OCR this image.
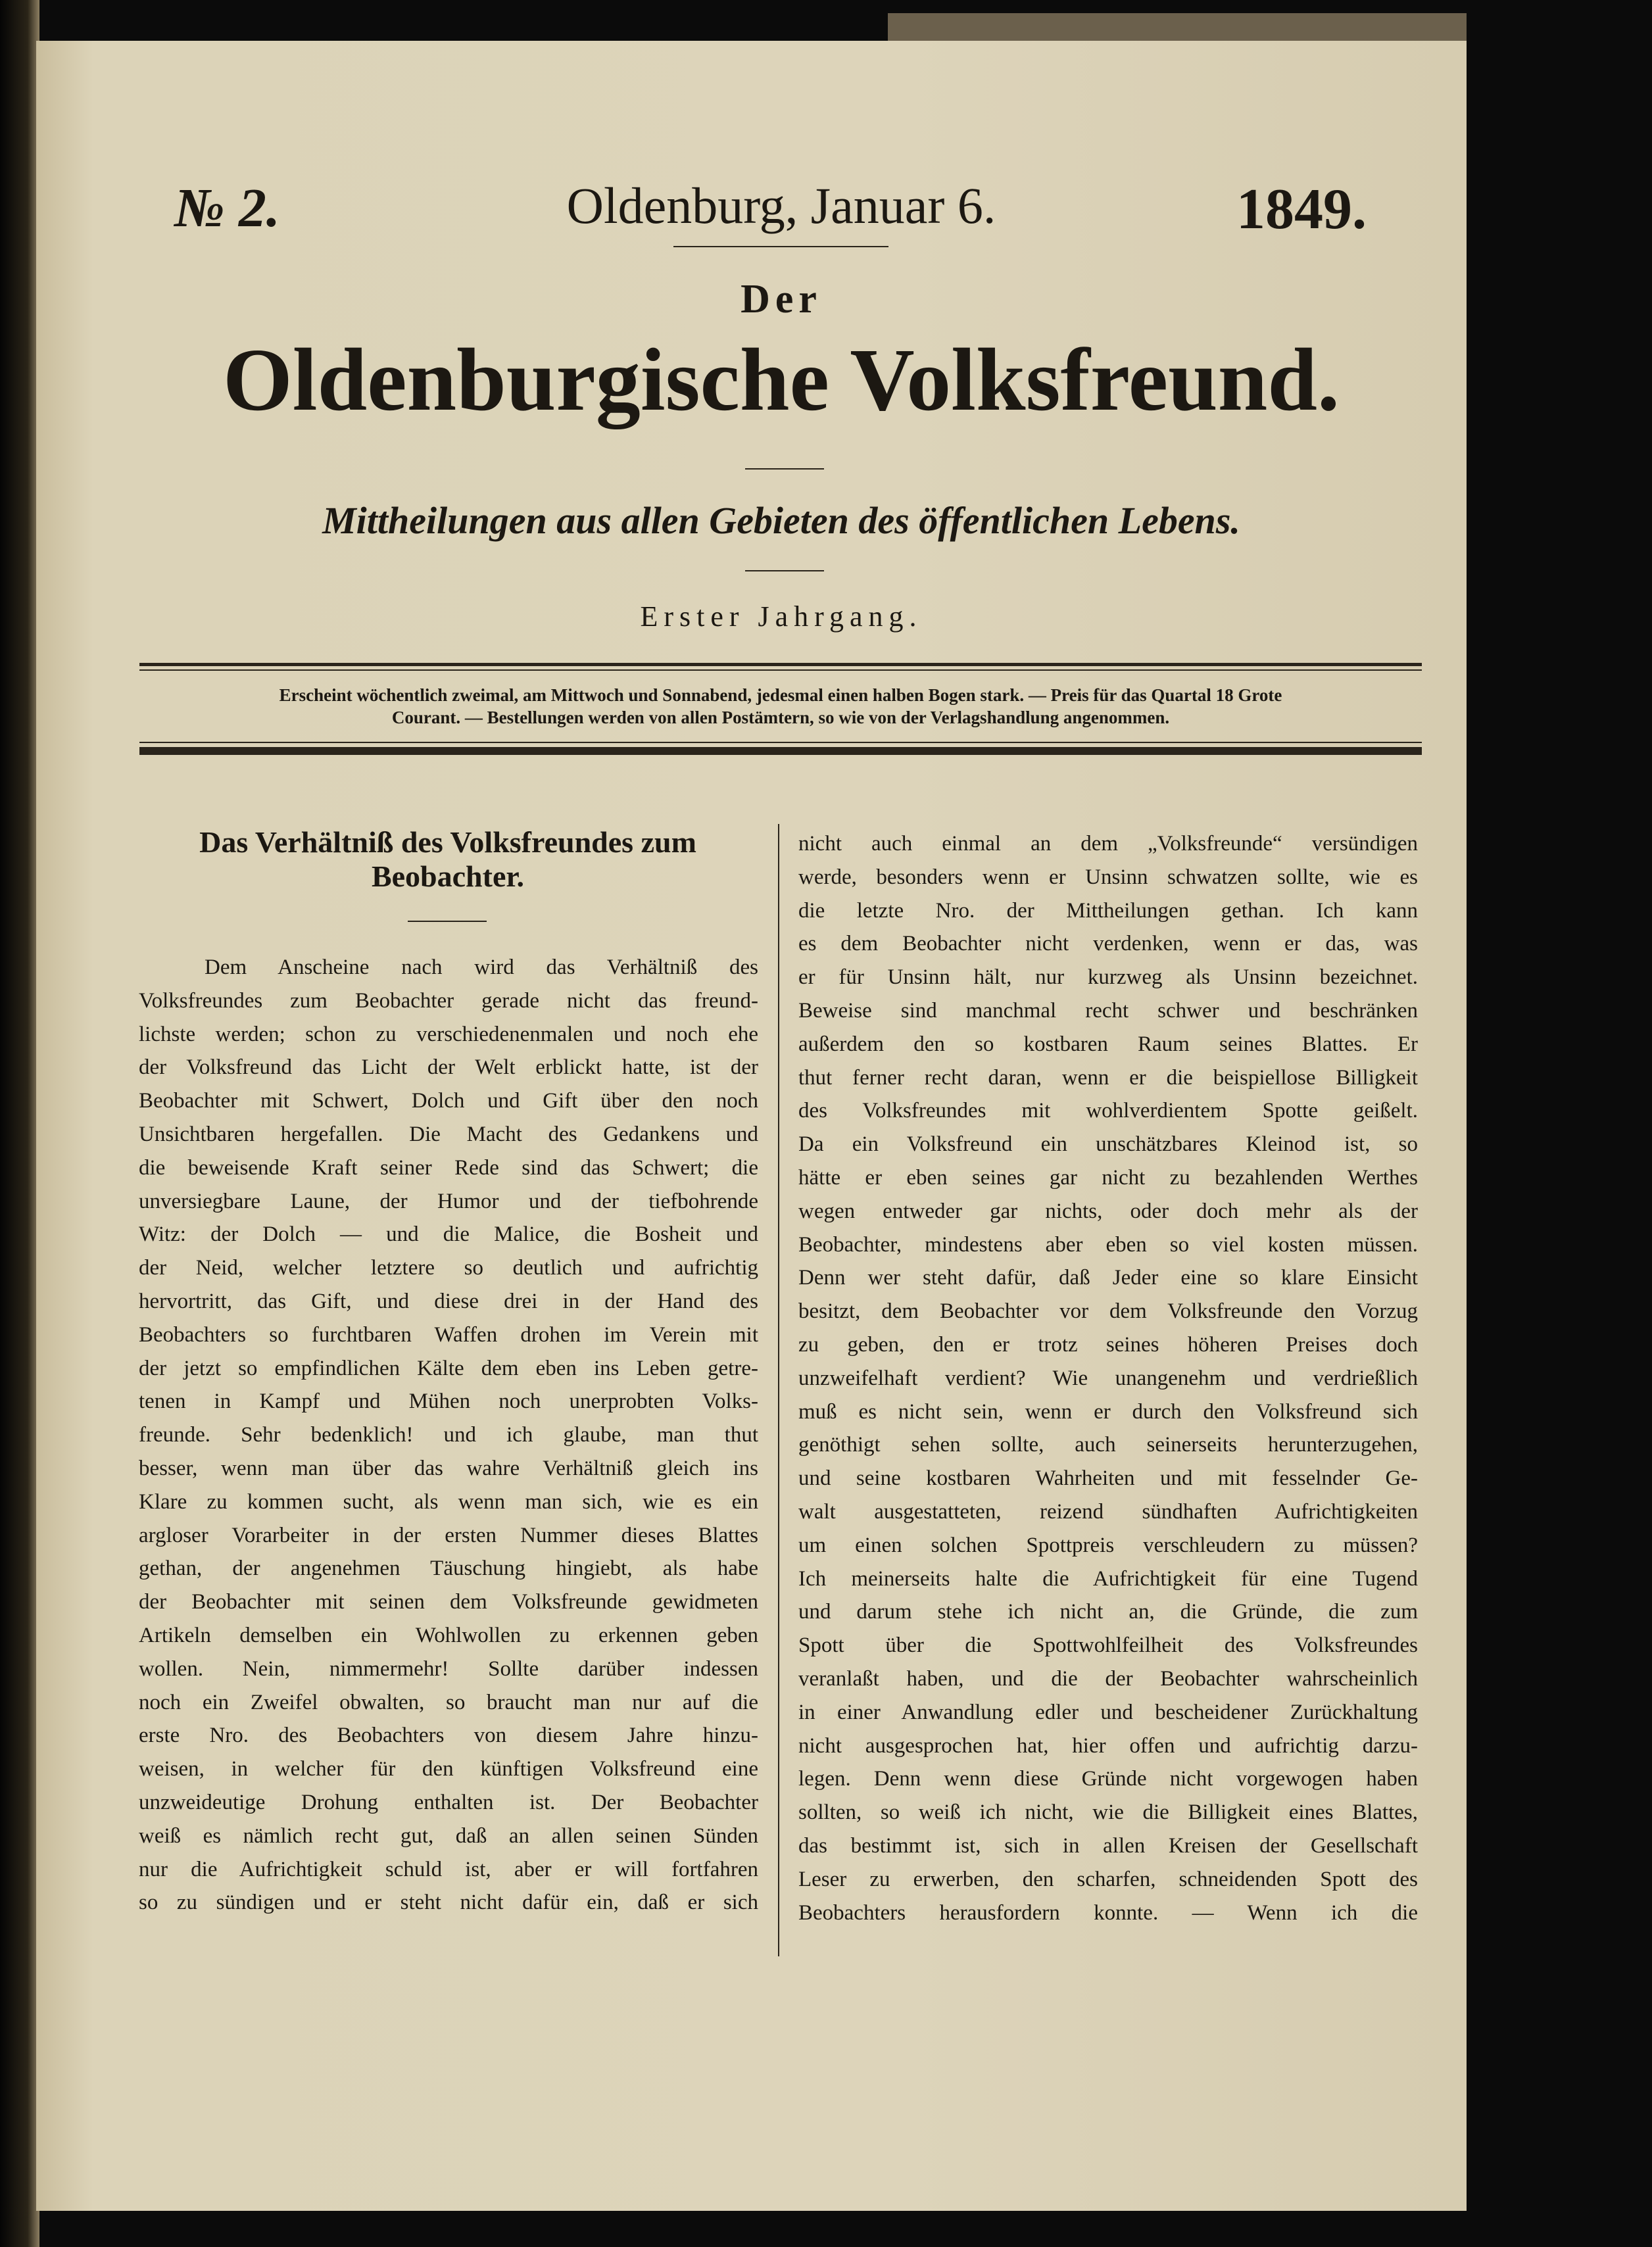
№ 2.	Oldenburg, Januar 6.	1849.
Der
Oldenburgische Volksfreund.
Mittheilungen aus allen Gebieten des öffentlichen Lebens.
Erster Jahrgang.
Erscheint wöchentlich zweimal, am Mittwoch und Sonnabend, jedesmal einen halben Bogen stark. — Preis für das Quartal 18 Grote
Courant. — Bestellungen werden von allen Postämtern, so wie von der Verlagshandlung angenommen.
Das Verhältniß des Volksfreundes zum
Beobachter.
Dem Anscheine nach wird das Verhältniß des
Volksfreundes zum Beobachter gerade nicht das freund-
lichste werden; schon zu verschiedenenmalen und noch ehe
der Volksfreund das Licht der Welt erblickt hatte, ist der
Beobachter mit Schwert, Dolch und Gift über den noch
Unsichtbaren hergefallen. Die Macht des Gedankens und
die beweisende Kraft seiner Rede sind das Schwert; die
unversiegbare Laune, der Humor und der tiefbohrende
Witz: der Dolch — und die Malice, die Bosheit und
der Neid, welcher letztere so deutlich und aufrichtig
hervortritt, das Gift, und diese drei in der Hand des
Beobachters so furchtbaren Waffen drohen im Verein mit
der jetzt so empfindlichen Kälte dem eben ins Leben getre-
tenen in Kampf und Mühen noch unerprobten Volks-
freunde. Sehr bedenklich! und ich glaube, man thut
besser, wenn man über das wahre Verhältniß gleich ins
Klare zu kommen sucht, als wenn man sich, wie es ein
argloser Vorarbeiter in der ersten Nummer dieses Blattes
gethan, der angenehmen Täuschung hingiebt, als habe
der Beobachter mit seinen dem Volksfreunde gewidmeten
Artikeln demselben ein Wohlwollen zu erkennen geben
wollen. Nein, nimmermehr! Sollte darüber indessen
noch ein Zweifel obwalten, so braucht man nur auf die
erste Nro. des Beobachters von diesem Jahre hinzu-
weisen, in welcher für den künftigen Volksfreund eine
unzweideutige Drohung enthalten ist. Der Beobachter
weiß es nämlich recht gut, daß an allen seinen Sünden
nur die Aufrichtigkeit schuld ist, aber er will fortfahren
so zu sündigen und er steht nicht dafür ein, daß er sich
nicht auch einmal an dem „Volksfreunde“ versündigen
werde, besonders wenn er Unsinn schwatzen sollte, wie es
die letzte Nro. der Mittheilungen gethan. Ich kann
es dem Beobachter nicht verdenken, wenn er das, was
er für Unsinn hält, nur kurzweg als Unsinn bezeichnet.
Beweise sind manchmal recht schwer und beschränken
außerdem den so kostbaren Raum seines Blattes. Er
thut ferner recht daran, wenn er die beispiellose Billigkeit
des Volksfreundes mit wohlverdientem Spotte geißelt.
Da ein Volksfreund ein unschätzbares Kleinod ist, so
hätte er eben seines gar nicht zu bezahlenden Werthes
wegen entweder gar nichts, oder doch mehr als der
Beobachter, mindestens aber eben so viel kosten müssen.
Denn wer steht dafür, daß Jeder eine so klare Einsicht
besitzt, dem Beobachter vor dem Volksfreunde den Vorzug
zu geben, den er trotz seines höheren Preises doch
unzweifelhaft verdient? Wie unangenehm und verdrießlich
muß es nicht sein, wenn er durch den Volksfreund sich
genöthigt sehen sollte, auch seinerseits herunterzugehen,
und seine kostbaren Wahrheiten und mit fesselnder Ge-
walt ausgestatteten, reizend sündhaften Aufrichtigkeiten
um einen solchen Spottpreis verschleudern zu müssen?
Ich meinerseits halte die Aufrichtigkeit für eine Tugend
und darum stehe ich nicht an, die Gründe, die zum
Spott über die Spottwohlfeilheit des Volksfreundes
veranlaßt haben, und die der Beobachter wahrscheinlich
in einer Anwandlung edler und bescheidener Zurückhaltung
nicht ausgesprochen hat, hier offen und aufrichtig darzu-
legen. Denn wenn diese Gründe nicht vorgewogen haben
sollten, so weiß ich nicht, wie die Billigkeit eines Blattes,
das bestimmt ist, sich in allen Kreisen der Gesellschaft
Leser zu erwerben, den scharfen, schneidenden Spott des
Beobachters herausfordern konnte. — Wenn ich die
